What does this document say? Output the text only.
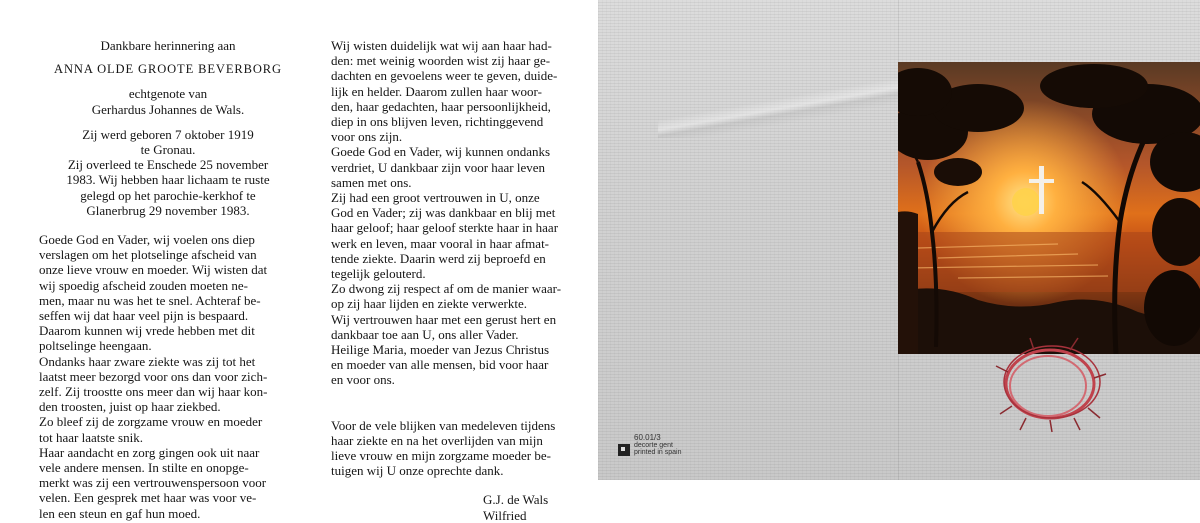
Dankbare herinnering aan
ANNA OLDE GROOTE BEVERBORG
echtgenote van
Gerhardus Johannes de Wals.
Zij werd geboren 7 oktober 1919
te Gronau.
Zij overleed te Enschede 25 november
1983. Wij hebben haar lichaam te ruste
gelegd op het parochie-kerkhof te
Glanerbrug 29 november 1983.
Goede God en Vader, wij voelen ons diep
verslagen om het plotselinge afscheid van
onze lieve vrouw en moeder. Wij wisten dat
wij spoedig afscheid zouden moeten ne-
men, maar nu was het te snel. Achteraf be-
seffen wij dat haar veel pijn is bespaard.
Daarom kunnen wij vrede hebben met dit
poltselinge heengaan.
Ondanks haar zware ziekte was zij tot het
laatst meer bezorgd voor ons dan voor zich-
zelf. Zij troostte ons meer dan wij haar kon-
den troosten, juist op haar ziekbed.
Zo bleef zij de zorgzame vrouw en moeder
tot haar laatste snik.
Haar aandacht en zorg gingen ook uit naar
vele andere mensen. In stilte en onopge-
merkt was zij een vertrouwenspersoon voor
velen. Een gesprek met haar was voor ve-
len een steun en gaf hun moed.
Wij wisten duidelijk wat wij aan haar had-
den: met weinig woorden wist zij haar ge-
dachten en gevoelens weer te geven, duide-
lijk en helder. Daarom zullen haar woor-
den, haar gedachten, haar persoonlijkheid,
diep in ons blijven leven, richtinggevend
voor ons zijn.
Goede God en Vader, wij kunnen ondanks
verdriet, U dankbaar zijn voor haar leven
samen met ons.
Zij had een groot vertrouwen in U, onze
God en Vader; zij was dankbaar en blij met
haar geloof; haar geloof sterkte haar in haar
werk en leven, maar vooral in haar afmat-
tende ziekte. Daarin werd zij beproefd en
tegelijk gelouterd.
Zo dwong zij respect af om de manier waar-
op zij haar lijden en ziekte verwerkte.
Wij vertrouwen haar met een gerust hert en
dankbaar toe aan U, ons aller Vader.
Heilige Maria, moeder van Jezus Christus
en moeder van alle mensen, bid voor haar
en voor ons.
Voor de vele blijken van medeleven tijdens
haar ziekte en na het overlijden van mijn
lieve vrouw en mijn zorgzame moeder be-
tuigen wij U onze oprechte dank.
G.J. de Wals
Wilfried
60.01/3
decorte gent
printed in spain
